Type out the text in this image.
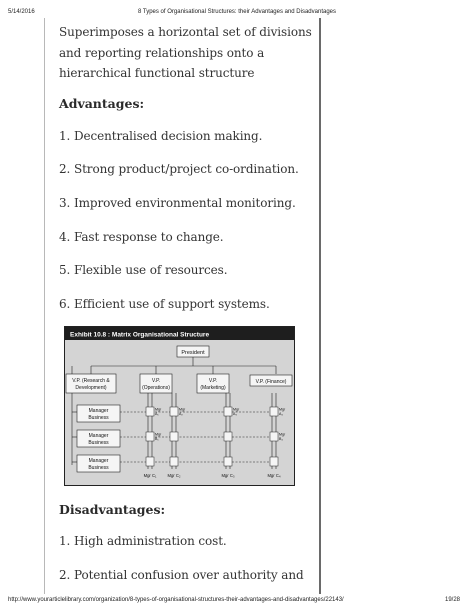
5/14/2016	8 Types of Organisational Structures: their Advantages and Disadvantages
Superimposes a horizontal set of divisions
and reporting relationships onto a
hierarchical functional structure
Advantages:
1. Decentralised decision making.
2. Strong product/project co-ordination.
3. Improved environmental monitoring.
4. Fast response to change.
5. Flexible use of resources.
6. Efficient use of support systems.
Exhibit 10.8 : Matrix Organisational Structure
President
V.P. (Research &
Development)
V.P.
(Operations)
V.P.
(Marketing)
V.P. (Finance)
Manager
Business
Manager
Business
Manager
Business
Mgr
A₁
Mgr
A₂
Mgr
A₃
Mgr
A₄
Mgr
B₁
Mgr
B₄
Mgr C₁	Mgr C₂	Mgr C₃	Mgr C₄
Disadvantages:
1. High administration cost.
2. Potential confusion over authority and
http://www.yourarticlelibrary.com/organization/8-types-of-organisational-structures-their-advantages-and-disadvantages/22143/	19/28
